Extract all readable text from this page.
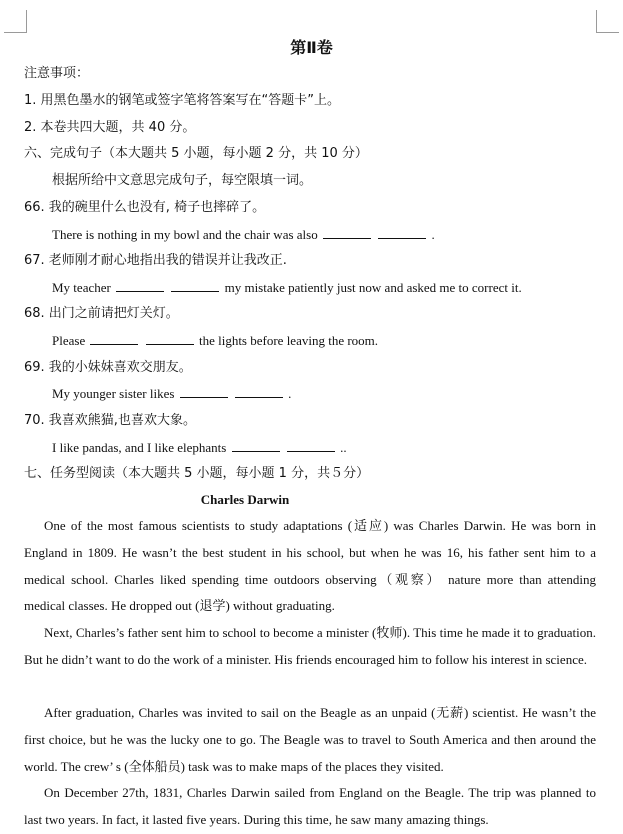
第Ⅱ卷
注意事项：
1. 用黑色墨水的钢笔或签字笔将答案写在“答题卡”上。
2. 本卷共四大题，共 40 分。
六、完成句子（本大题共 5 小题，每小题 2 分，共 10 分）
根据所给中文意思完成句子，每空限填一词。
66. 我的碗里什么也没有, 椅子也摔碎了。
There is nothing in my bowl and the chair was also	.
67. 老师刚才耐心地指出我的错误并让我改正.
My teacher	my mistake patiently just now and asked me to correct it.
68. 出门之前请把灯关灯。
Please	the lights before leaving the room.
69. 我的小妹妹喜欢交朋友。
My younger sister likes	.
70. 我喜欢熊猫,也喜欢大象。
I like pandas, and I like elephants	..
七、任务型阅读（本大题共 5 小题，每小题 1 分，共５分）
Charles Darwin
One of the most famous scientists to study adaptations (适应) was Charles Darwin. He was born in England in 1809. He wasn’t the best student in his school, but when he was 16, his father sent him to a medical school. Charles liked spending time outdoors observing（观察） nature more than attending medical classes. He dropped out (退学) without graduating.
Next, Charles’s father sent him to school to become a minister (牧师). This time he made it to graduation. But he didn’t want to do the work of a minister. His friends encouraged him to follow his interest in science.
After graduation, Charles was invited to sail on the Beagle as an unpaid (无薪) scientist. He wasn’t the first choice, but he was the lucky one to go. The Beagle was to travel to South America and then around the world. The crew’ s (全体船员) task was to make maps of the places they visited.
On December 27th, 1831, Charles Darwin sailed from England on the Beagle. The trip was planned to last two years. In fact, it lasted five years. During this time, he saw many amazing things.
